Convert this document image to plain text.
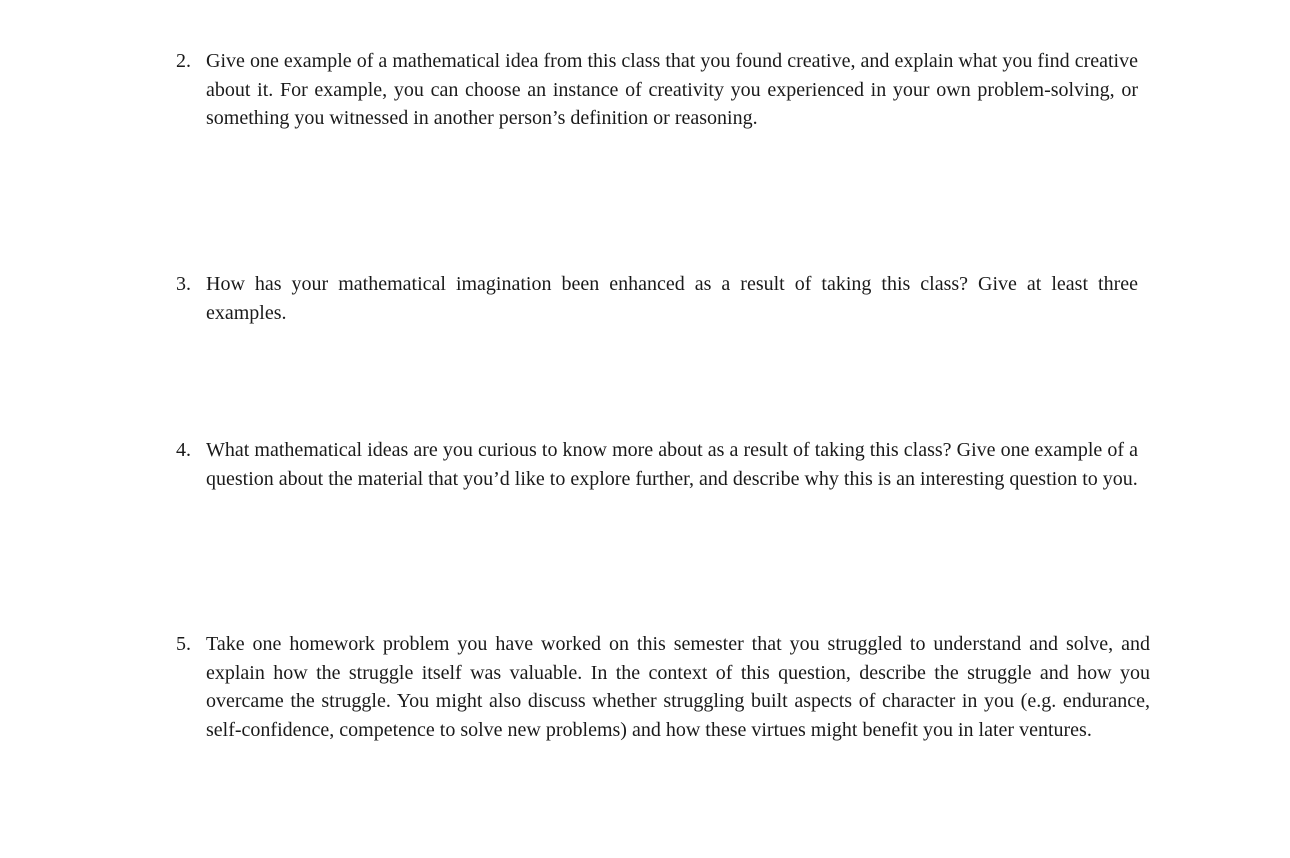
2. Give one example of a mathematical idea from this class that you found creative, and explain what you find creative about it. For example, you can choose an instance of creativity you experienced in your own problem-solving, or something you witnessed in another person’s definition or reasoning.

3. How has your mathematical imagination been enhanced as a result of taking this class? Give at least three examples.

4. What mathematical ideas are you curious to know more about as a result of taking this class? Give one example of a question about the material that you’d like to explore further, and describe why this is an interesting question to you.

5. Take one homework problem you have worked on this semester that you struggled to understand and solve, and explain how the struggle itself was valuable. In the context of this question, describe the struggle and how you overcame the struggle. You might also discuss whether struggling built aspects of character in you (e.g. endurance, self-confidence, competence to solve new problems) and how these virtues might benefit you in later ventures.
